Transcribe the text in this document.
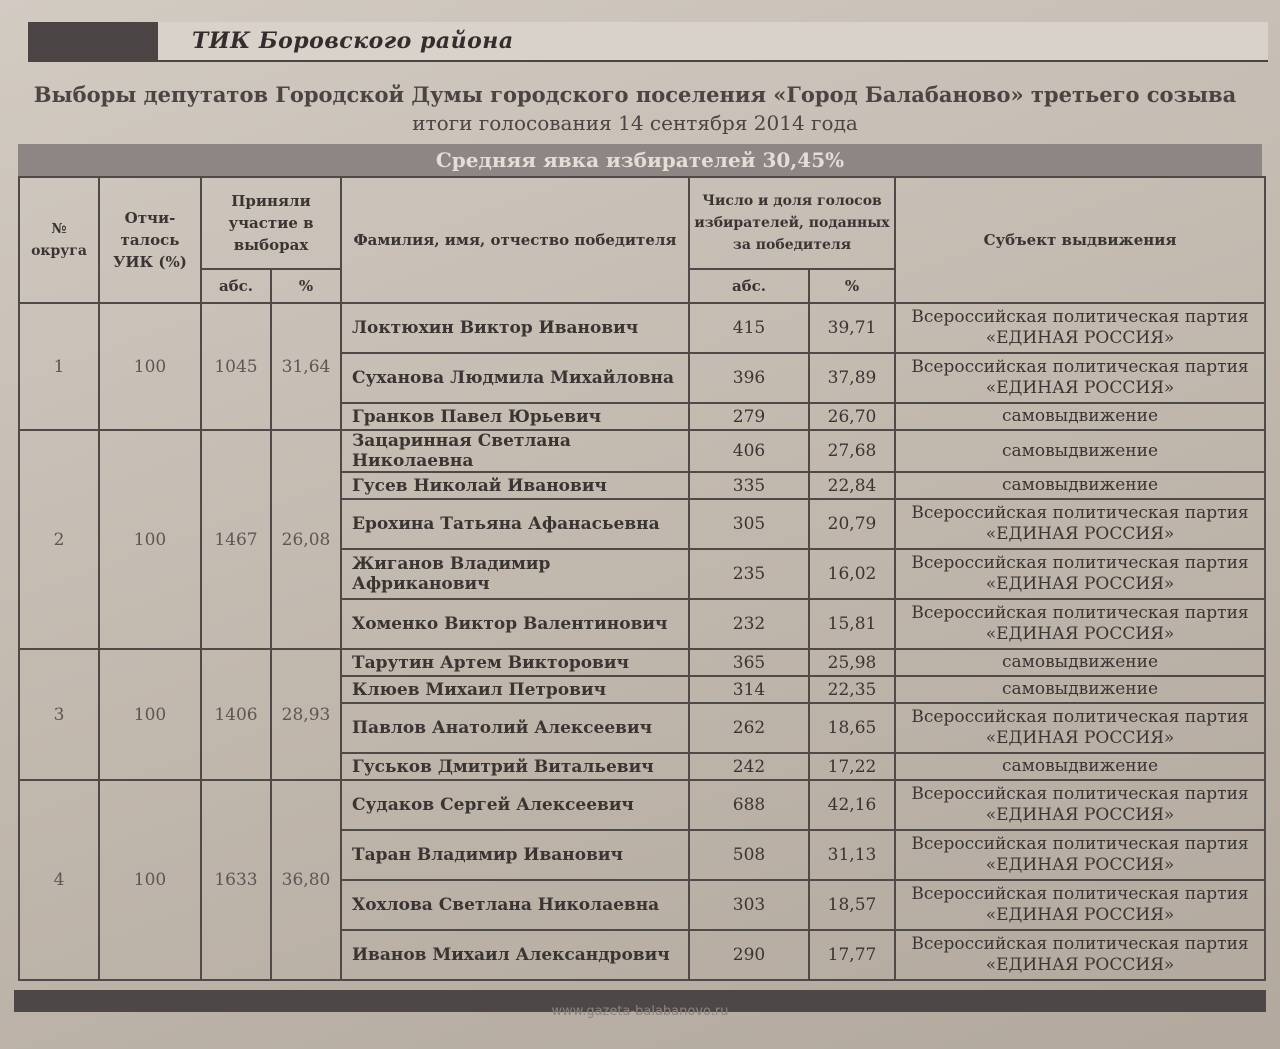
ТИК Боровского района
Выборы депутатов Городской Думы городского поселения «Город Балабаново» третьего созыва
итоги голосования 14 сентября 2014 года
Средняя явка избирателей 30,45%
№ округа	Отчи-талось УИК (%)	Приняли участие в выборах		Фамилия, имя, отчество победителя	Число и доля голосов избирателей, поданных за победителя		Субъект выдвижения
		абс.	%		абс.	%	
1	100	1045	31,64	Локтюхин Виктор Иванович	415	39,71	Всероссийская политическая партия
«ЕДИНАЯ РОССИЯ»

				Суханова Людмила Михайловна	396	37,89	Всероссийская политическая партия
«ЕДИНАЯ РОССИЯ»

				Гранков Павел Юрьевич	279	26,70	самовыдвижение

2	100	1467	26,08	Зацаринная Светлана Николаевна	406	27,68	самовыдвижение

				Гусев Николай Иванович	335	22,84	самовыдвижение

				Ерохина Татьяна Афанасьевна	305	20,79	Всероссийская политическая партия
«ЕДИНАЯ РОССИЯ»

				Жиганов Владимир Африканович	235	16,02	Всероссийская политическая партия
«ЕДИНАЯ РОССИЯ»

				Хоменко Виктор Валентинович	232	15,81	Всероссийская политическая партия
«ЕДИНАЯ РОССИЯ»

3	100	1406	28,93	Тарутин Артем Викторович	365	25,98	самовыдвижение

				Клюев Михаил Петрович	314	22,35	самовыдвижение

				Павлов Анатолий Алексеевич	262	18,65	Всероссийская политическая партия
«ЕДИНАЯ РОССИЯ»

				Гуськов Дмитрий Витальевич	242	17,22	самовыдвижение

4	100	1633	36,80	Судаков Сергей Алексеевич	688	42,16	Всероссийская политическая партия
«ЕДИНАЯ РОССИЯ»

				Таран Владимир Иванович	508	31,13	Всероссийская политическая партия
«ЕДИНАЯ РОССИЯ»

				Хохлова Светлана Николаевна	303	18,57	Всероссийская политическая партия
«ЕДИНАЯ РОССИЯ»

				Иванов Михаил Александрович	290	17,77	Всероссийская политическая партия
«ЕДИНАЯ РОССИЯ»
www.gazeta-balabanovo.ru
